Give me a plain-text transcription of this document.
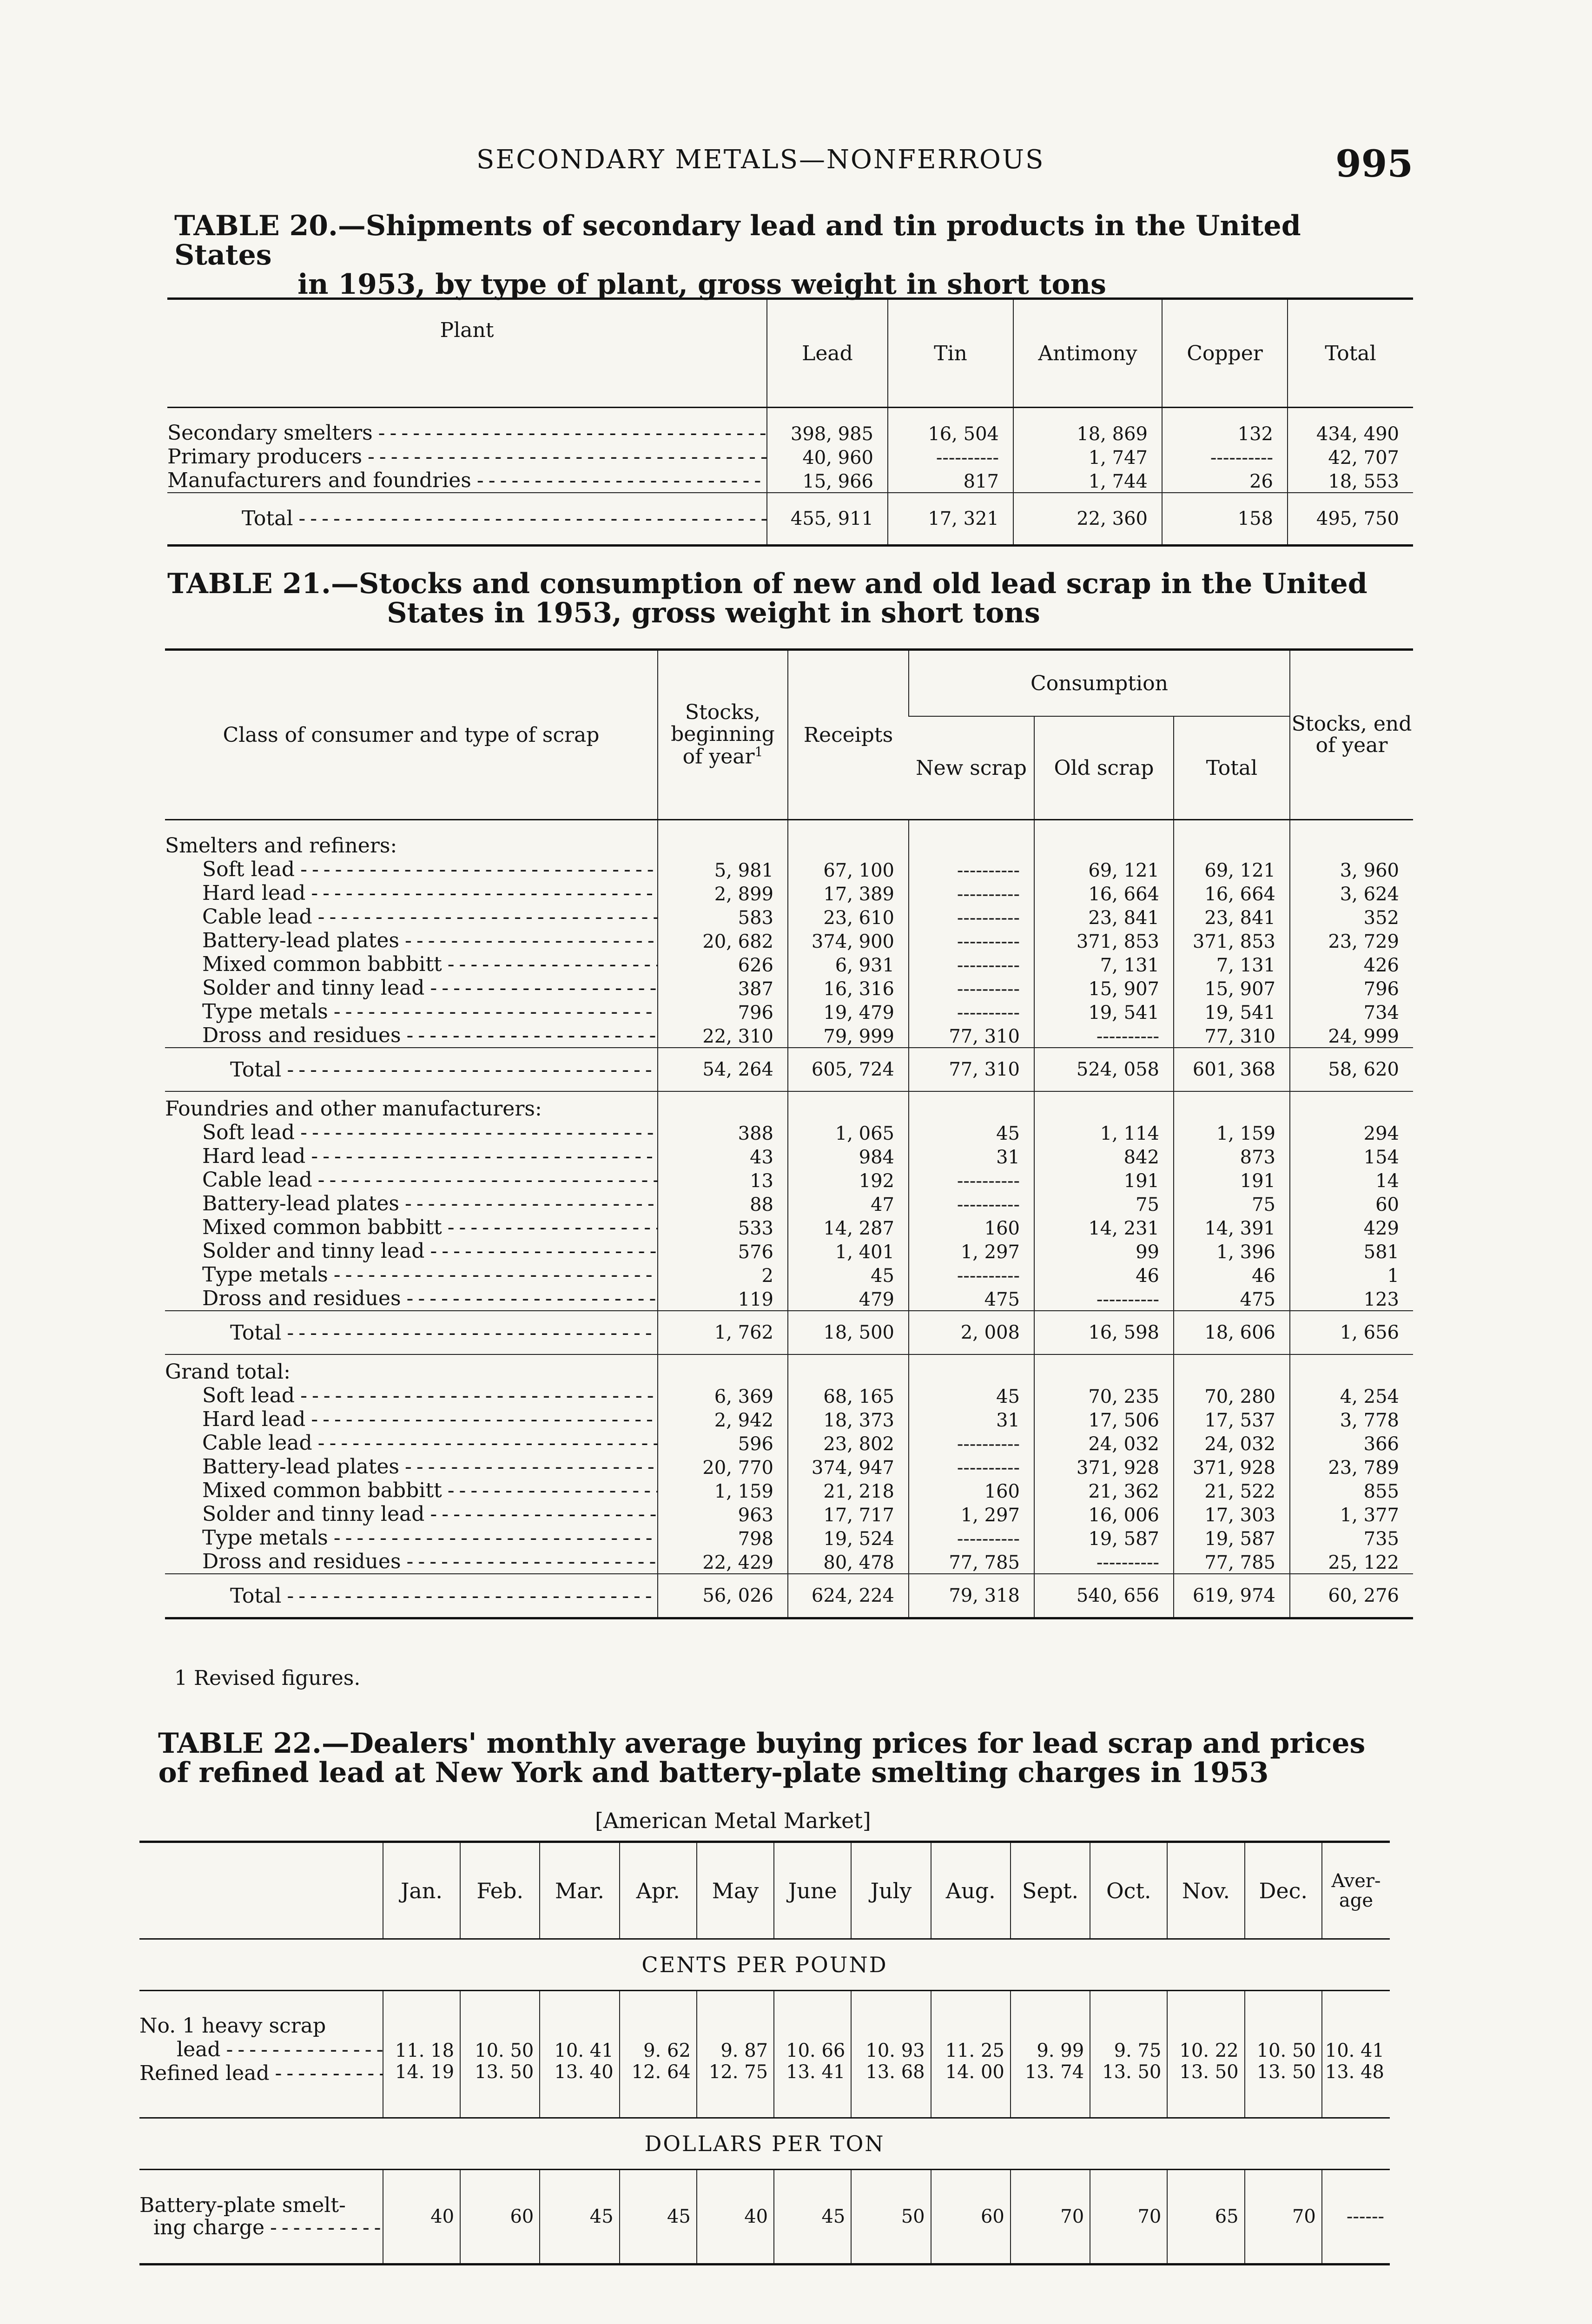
SECONDARY METALS—NONFERROUS	995
TABLE 20.—Shipments of secondary lead and tin products in the United States
in 1953, by type of plant, gross weight in short tons
Plant	Lead	Tin	Antimony	Copper	Total
Secondary smelters - - -	398, 985	16, 504	18, 869	132	434, 490
Primary producers - - -	40, 960	----------	1, 747	----------	42, 707
Manufacturers and foundries - - -	15, 966	817	1, 744	26	18, 553
Total - - -	455, 911	17, 321	22, 360	158	495, 750
TABLE 21.—Stocks and consumption of new and old lead scrap in the United
States in 1953, gross weight in short tons
Class of consumer and type of scrap	Stocks, beginning of year$^1$	Receipts	Consumption			Stocks, end of year
			New scrap	Old scrap	Total	
Smelters and refiners:						
Soft lead - - -	5, 981	67, 100	----------	69, 121	69, 121	3, 960
Hard lead - - -	2, 899	17, 389	----------	16, 664	16, 664	3, 624
Cable lead - - -	583	23, 610	----------	23, 841	23, 841	352
Battery-lead plates - - -	20, 682	374, 900	----------	371, 853	371, 853	23, 729
Mixed common babbitt - - -	626	6, 931	----------	7, 131	7, 131	426
Solder and tinny lead - - -	387	16, 316	----------	15, 907	15, 907	796
Type metals - - -	796	19, 479	----------	19, 541	19, 541	734
Dross and residues - - -	22, 310	79, 999	77, 310	----------	77, 310	24, 999
Total - - -	54, 264	605, 724	77, 310	524, 058	601, 368	58, 620
Foundries and other manufacturers:						
Soft lead - - -	388	1, 065	45	1, 114	1, 159	294
Hard lead - - -	43	984	31	842	873	154
Cable lead - - -	13	192	----------	191	191	14
Battery-lead plates - - -	88	47	----------	75	75	60
Mixed common babbitt - - -	533	14, 287	160	14, 231	14, 391	429
Solder and tinny lead - - -	576	1, 401	1, 297	99	1, 396	581
Type metals - - -	2	45	----------	46	46	1
Dross and residues - - -	119	479	475	----------	475	123
Total - - -	1, 762	18, 500	2, 008	16, 598	18, 606	1, 656
Grand total:						
Soft lead - - -	6, 369	68, 165	45	70, 235	70, 280	4, 254
Hard lead - - -	2, 942	18, 373	31	17, 506	17, 537	3, 778
Cable lead - - -	596	23, 802	----------	24, 032	24, 032	366
Battery-lead plates - - -	20, 770	374, 947	----------	371, 928	371, 928	23, 789
Mixed common babbitt - - -	1, 159	21, 218	160	21, 362	21, 522	855
Solder and tinny lead - - -	963	17, 717	1, 297	16, 006	17, 303	1, 377
Type metals - - -	798	19, 524	----------	19, 587	19, 587	735
Dross and residues - - -	22, 429	80, 478	77, 785	----------	77, 785	25, 122
Total - - -	56, 026	624, 224	79, 318	540, 656	619, 974	60, 276
1 Revised figures.
TABLE 22.—Dealers' monthly average buying prices for lead scrap and prices
of refined lead at New York and battery-plate smelting charges in 1953
[American Metal Market]
	Jan.	Feb.	Mar.	Apr.	May	June	July	Aug.	Sept.	Oct.	Nov.	Dec.	Aver-age
CENTS PER POUND													
No. 1 heavy scrap													
lead - - -	11. 18	10. 50	10. 41	9. 62	9. 87	10. 66	10. 93	11. 25	9. 99	9. 75	10. 22	10. 50	10. 41
Refined lead - - -	14. 19	13. 50	13. 40	12. 64	12. 75	13. 41	13. 68	14. 00	13. 74	13. 50	13. 50	13. 50	13. 48
DOLLARS PER TON													
Battery-plate smelt-
ing charge - - -	40	60	45	45	40	45	50	60	70	70	65	70	------
